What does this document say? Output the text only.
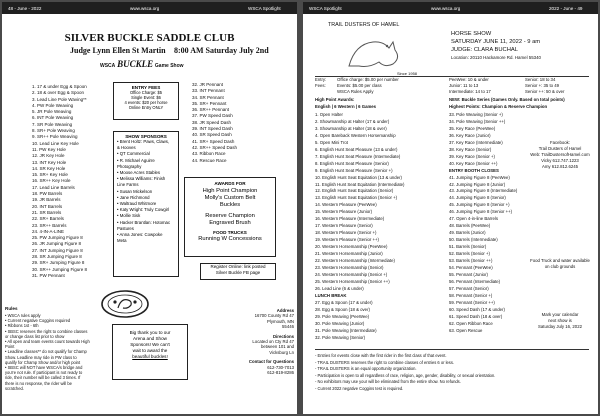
48 - June - 2022	www.wsca.org	WSCA Spotlight
SILVER BUCKLE SADDLE CLUB
Judge Lynn Ellen St Martin 8:00 AM Saturday July 2nd
WSCA BUCKLE Game Show
1. 17 & under Egg & Spoon
2. 18 & over Egg & Spoon
3. Lead Line Pole Waving**
4. PW Pole Weaving
5. JR Pole Weaving
6. INT Pole Weaving
7. SR Pole Weaving
8. SR+ Pole Weaving
9. SR++ Pole Weaving
10. Lead Line Key Hole
11. PW Key Hole
12. JR Key Hole
13. INT Key Hole
14. SR Key Hole
15. SR+ Key Hole
16. SR++ Key Hole
17. Lead Line Barrels
18. PW Barrels
19. JR Barrels
20. INT Barrels
21. SR Barrels
22. SR+ Barrels
23. SR++ Barrels
24. 4-IN-A-LINE
25. PW Jumping Figure 8
26. JR Jumping Figure 8
27. INT Jumping Figure 8
28. SR Jumping Figure 8
29. SR+ Jumping Figure 8
30. SR++ Jumping Figure 8
31. PW Pennant
ENTRY FEES
Office Charge: $5
Single Event: $6
4 events: $20 per horse
Online Entry ONLY
SHOW SPONSORS
• Brent Holtz: Paws, Claws,
& Hooves
• QT Commercial
• R. Michael Aguirre
Photography
• Moose Acres Stables
• Melissa Williams: Finish
Line Farms
• Susan Mickelson
• Jane Richmond
• Waltraud Whitmore
• Katy Wright: Truly Cowgirl
• Mollie Sisk
• Hacker Brantlan: Hotomac
Pastures
• Anna Jones: Cowpoke
Meta
32. JR Pennant
33. INT Pennant
34. SR Pennant
35. SR+ Pennant
36. SR++ Pennant
37. PW Speed Dash
38. JR Speed Dash
39. INT Speed Dash
40. SR Speed Dash
41. SR+ Speed Dash
42. SR++ Speed Dash
43. Ribbon Race
44. Rescue Race
AWARDS FOR
High Point Champion
Molly's Custom Belt
Buckles
Reserve Champion
Engraved Brush
FOOD TRUCKS
Running W Concessions
Register Online: link posted
Silver Buckle FB page
Rules
• WSCA rules apply
• Current negative Coggins required
• Ribbons 1st - 6th
• SBSC reserves the right to combine classes
or change class list prior to show
• All open and team events count towards High
Point
• Leadline classes** do not qualify for Champ
Show. Leadline may ride in PW class to
qualify for Champ Show and/or high point
• SBSC will NOT have WSCA/s bridge and
you're not rule. If participant is not ready to
ride, their number will be called 3 times. If
there is no response, the rider will be
scratched.
Big thank you to our
Arena and Show
Sponsors! We can't
wait to award the
beautiful buckles!
Address
16700 County Rd 47
Plymouth, MN
55446
Directions
Located on Cty Rd 47
between 101 and
Vicksburg Ln
Contact for Questions
612-730-7013
612-819-8286
WSCA Spotlight	www.wsca.org	2022 - June - 49
TRAIL DUSTERS OF HAMEL
Since 1958
HORSE SHOW
SATURDAY JUNE 11, 2022 - 9 am
JUDGE: CLARA BUCHAL
Location: 20110 Hackamore Rd. Hamel 55340
Entry:	Office charge: $5.00 per number	PeeWee: 10 & under	Senior: 18 to 34
Fees:	Events: $5.00 per class	Junior: 11 to 13	Senior +: 35 to 49
WSCA Rules Apply	Intermediate: 14 to 17	Senior ++: 50 & over
High Point Awards:
English | 6 Western | 6 Games
NEW: Buckle Series (Games Only. Based on total points)
Highest Points: Champion & Reserve Champion
1. Open Halter
2. Showmanship at Halter (17 & under)
3. Showmanship at Halter (18 & over)
4. Open Bareback Western Horsemanship
5. Open Mini Trot
6. English Hunt Seat Pleasure (13 & under)
7. English Hunt Seat Pleasure (Intermediate)
8. English Hunt Seat Pleasure (Senior)
9. English Hunt Seat Pleasure (Senior +)
10. English Hunt Seat Equitation (13 & under)
11. English Hunt Seat Equitation (Intermediate)
12. English Hunt Seat Equitation (Senior)
13. English Hunt Seat Equitation (Senior +)
14. Western Pleasure (PeeWee)
15. Western Pleasure (Junior)
16. Western Pleasure (Intermediate)
17. Western Pleasure (Senior)
18. Western Pleasure (Senior +)
19. Western Pleasure (Senior ++)
20. Western Horsemanship (PeeWee)
21. Western Horsemanship (Junior)
22. Western Horsemanship (Intermediate)
23. Western Horsemanship (Senior)
24. Western Horsemanship (Senior +)
25. Western Horsemanship (Senior ++)
26. Lead Line (6 & under)
LUNCH BREAK
27. Egg & Spoon (17 & under)
28. Egg & Spoon (18 & over)
29. Pole Weaving (PeeWee)
30. Pole Weaving (Junior)
31. Pole Weaving (Intermediate)
32. Pole Weaving (Senior)
33. Pole Weaving (Senior +)
34. Pole Weaving (Senior ++)
35. Key Race (PeeWee)
36. Key Race (Junior)
37. Key Race (Intermediate)
38. Key Race (Senior)
39. Key Race (Senior +)
40. Key Race (Senior ++)
ENTRY BOOTH CLOSES
41. Jumping Figure 8 (PeeWee)
42. Jumping Figure 8 (Junior)
43. Jumping Figure 8 (Intermediate)
44. Jumping Figure 8 (Senior)
45. Jumping Figure 8 (Senior +)
46. Jumping Figure 8 (Senior ++)
47. Open 4-in-line Barrels
48. Barrels (PeeWee)
49. Barrels (Junior)
50. Barrels (Intermediate)
51. Barrels (Senior)
52. Barrels (Senior +)
53. Barrels (Senior ++)
54. Pennant (PeeWee)
55. Pennant (Junior)
56. Pennant (Intermediate)
57. Pennant (Senior)
58. Pennant (Senior +)
59. Pennant (Senior ++)
60. Speed Dash (17 & under)
61. Speed Dash (18 & over)
62. Open Ribbon Race
63. Open Rescue
Facebook:
Trail Dusters of Hamel
Web: TrailDustersofHamel.com
Vicky 612.747.1223
Amy 612.812.6245
Food Truck and water available
on club grounds
Mark your calendar
next show is
Saturday July 16, 2022
- Entries for events close with the first rider in the first class of that event.
- TRAIL DUSTERS reserves the right to combine classes of entries 6 or less.
- TRAIL DUSTERS is an equal opportunity organization.
- Participation is open to all regardless of race, religion, age, gender, disability, or sexual orientation.
- No exhibitors may use your will be eliminated from the entire show. No refunds.
- Current 2022 negative Coggins test is required.
